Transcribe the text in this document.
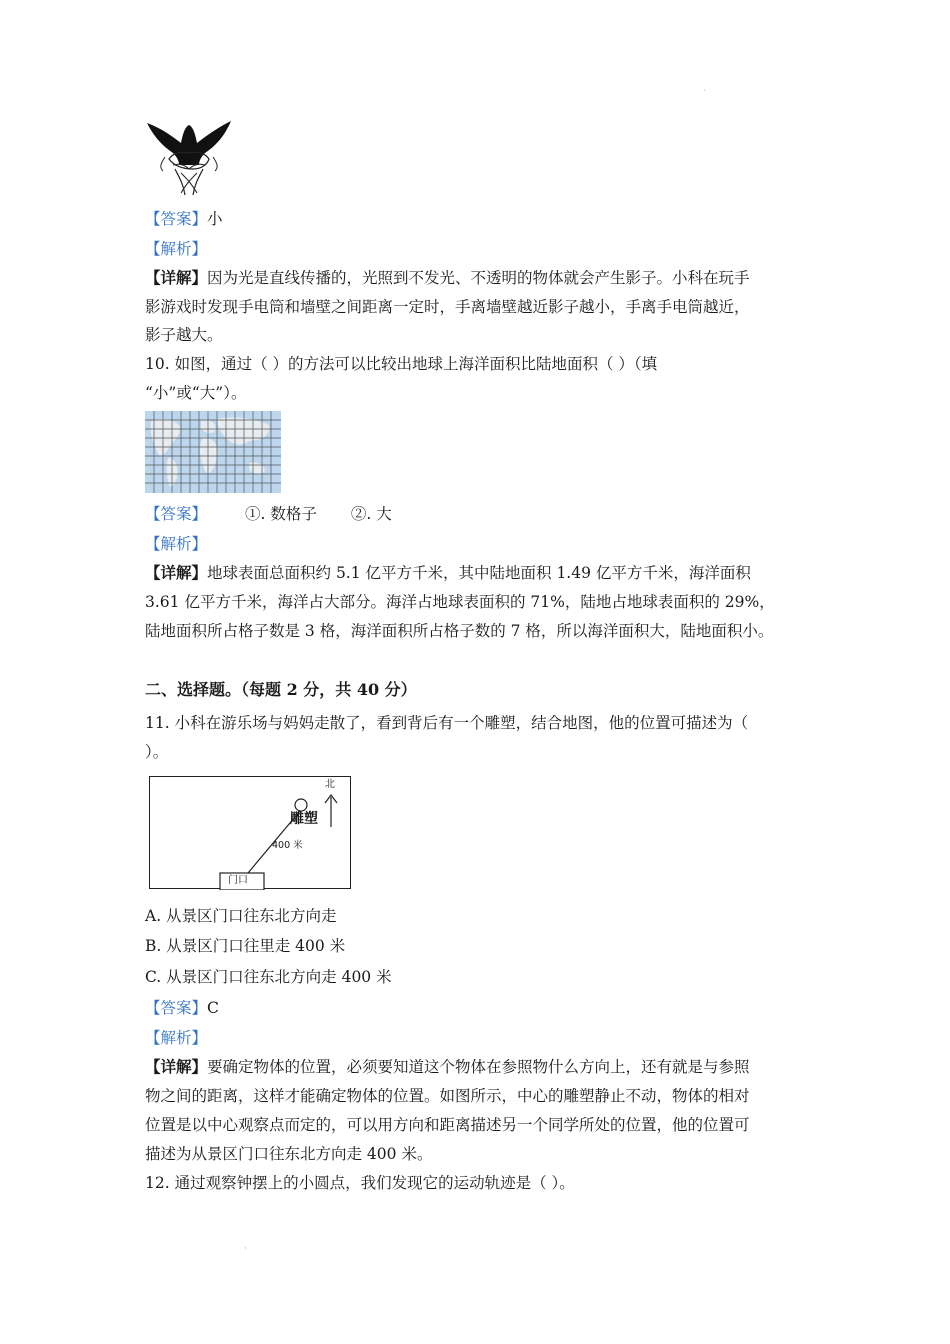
·
·
【答案】小
【解析】
【详解】因为光是直线传播的，光照到不发光、不透明的物体就会产生影子。小科在玩手
影游戏时发现手电筒和墙壁之间距离一定时，手离墙壁越近影子越小，手离手电筒越近，
影子越大。
10. 如图，通过（ ）的方法可以比较出地球上海洋面积比陆地面积（ ）（填
“小”或“大”）。
【答案】 ①. 数格子 ②. 大
【解析】
【详解】地球表面总面积约 5.1 亿平方千米，其中陆地面积 1.49 亿平方千米，海洋面积
3.61 亿平方千米，海洋占大部分。海洋占地球表面积的 71%，陆地占地球表面积的 29%，
陆地面积所占格子数是 3 格，海洋面积所占格子数的 7 格，所以海洋面积大，陆地面积小。
二、选择题。（每题 2 分，共 40 分）
11. 小科在游乐场与妈妈走散了，看到背后有一个雕塑，结合地图，他的位置可描述为（
）。
北
雕塑
400 米
门口
A. 从景区门口往东北方向走
B. 从景区门口往里走 400 米
C. 从景区门口往东北方向走 400 米
【答案】C
【解析】
【详解】要确定物体的位置，必须要知道这个物体在参照物什么方向上，还有就是与参照
物之间的距离，这样才能确定物体的位置。如图所示，中心的雕塑静止不动，物体的相对
位置是以中心观察点而定的，可以用方向和距离描述另一个同学所处的位置，他的位置可
描述为从景区门口往东北方向走 400 米。
12. 通过观察钟摆上的小圆点，我们发现它的运动轨迹是（ ）。
